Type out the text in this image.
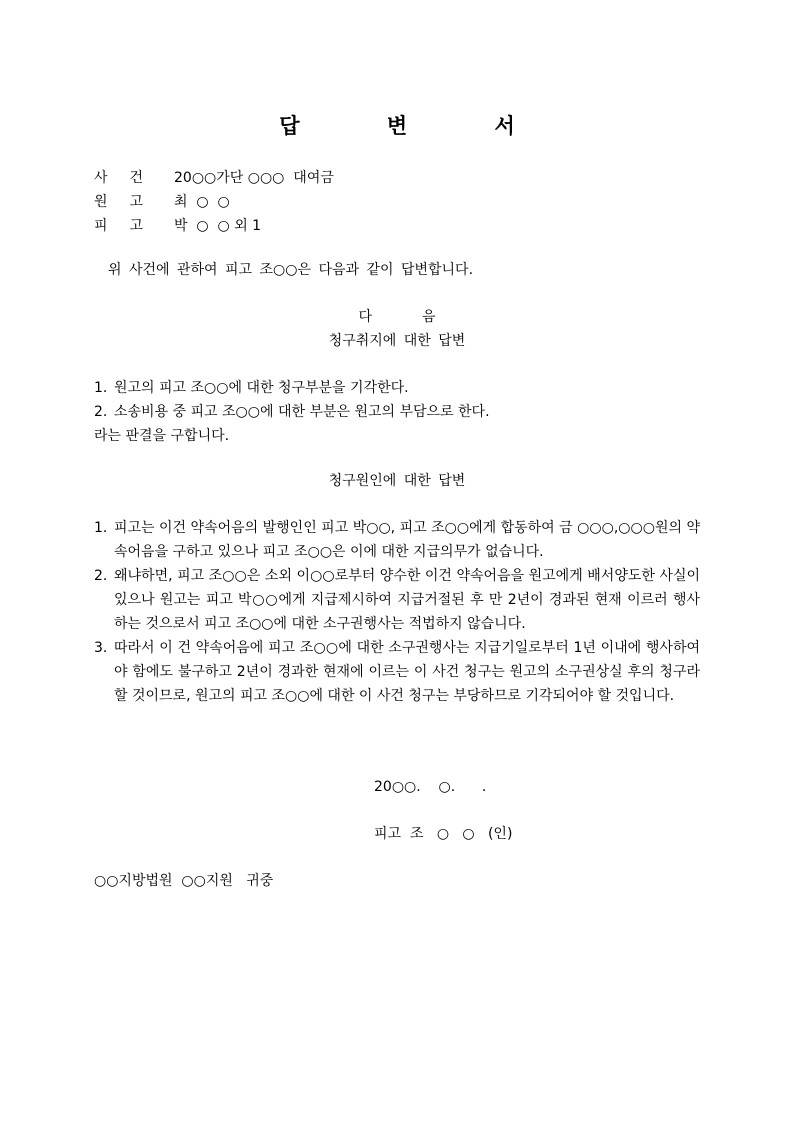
답 변 서
사건 20○○가단 ○○○  대여금
원고 최  ○  ○
피고 박  ○  ○ 외 1
위 사건에 관하여 피고 조○○은 다음과 같이 답변합니다.
다음
청구취지에 대한 답변
1. 원고의 피고 조○○에 대한 청구부분을 기각한다.
2. 소송비용 중 피고 조○○에 대한 부분은 원고의 부담으로 한다.
라는 판결을 구합니다.
청구원인에 대한 답변
1. 피고는 이건 약속어음의 발행인인 피고 박○○, 피고 조○○에게 합동하여 금 ○○○,○○○원의 약속어음을 구하고 있으나 피고 조○○은 이에 대한 지급의무가 없습니다.
2. 왜냐하면, 피고 조○○은 소외 이○○로부터 양수한 이건 약속어음을 원고에게 배서양도한 사실이 있으나 원고는 피고 박○○에게 지급제시하여 지급거절된 후 만 2년이 경과된 현재 이르러 행사하는 것으로서 피고 조○○에 대한 소구권행사는 적법하지 않습니다.
3. 따라서 이 건 약속어음에 피고 조○○에 대한 소구권행사는 지급기일로부터 1년 이내에 행사하여야 함에도 불구하고 2년이 경과한 현재에 이르는 이 사건 청구는 원고의 소구권상실 후의 청구라 할 것이므로, 원고의 피고 조○○에 대한 이 사건 청구는 부당하므로 기각되어야 할 것입니다.
20○○.    ○.      .
피고  조   ○   ○   (인)
○○지방법원  ○○지원   귀중
